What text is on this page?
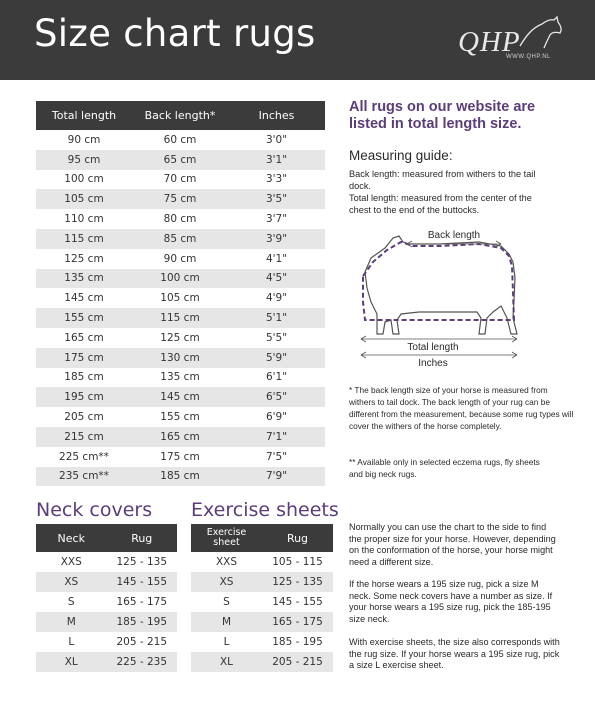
Size chart rugs	QHP
WWW.QHP.NL
Total length	Back length*	Inches
90 cm	60 cm	3'0"
95 cm	65 cm	3'1"
100 cm	70 cm	3'3"
105 cm	75 cm	3'5"
110 cm	80 cm	3'7"
115 cm	85 cm	3'9"
125 cm	90 cm	4'1"
135 cm	100 cm	4'5"
145 cm	105 cm	4'9"
155 cm	115 cm	5'1"
165 cm	125 cm	5'5"
175 cm	130 cm	5'9"
185 cm	135 cm	6'1"
195 cm	145 cm	6'5"
205 cm	155 cm	6'9"
215 cm	165 cm	7'1"
225 cm**	175 cm	7'5"
235 cm**	185 cm	7'9"
Neck covers
Neck	Rug
XXS	125 - 135
XS	145 - 155
S	165 - 175
M	185 - 195
L	205 - 215
XL	225 - 235
Exercise sheets
Exercise
sheet	Rug
XXS	105 - 115
XS	125 - 135
S	145 - 155
M	165 - 175
L	185 - 195
XL	205 - 215
All rugs on our website are listed in total length size.
Measuring guide:
Back length: measured from withers to the tail dock.
Total length: measured from the center of the chest to the end of the buttocks.
Back length
Total length
Inches
* The back length size of your horse is measured from withers to tail dock. The back length of your rug can be different from the measurement, because some rug types will cover the withers of the horse completely.
** Available only in selected eczema rugs, fly sheets and big neck rugs.
Normally you can use the chart to the side to find the proper size for your horse. However, depending on the conformation of the horse, your horse might need a different size.
If the horse wears a 195 size rug, pick a size M neck. Some neck covers have a number as size. If your horse wears a 195 size rug, pick the 185-195 size neck.
With exercise sheets, the size also corresponds with the rug size. If your horse wears a 195 size rug, pick a size L exercise sheet.
